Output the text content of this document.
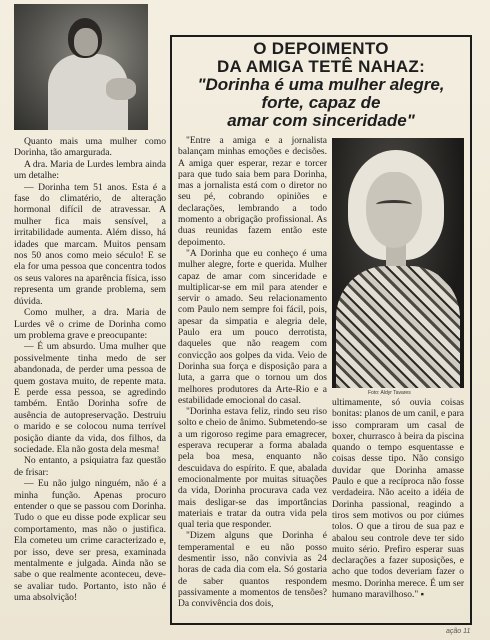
Quanto mais uma mulher como Dorinha, tão amargurada.

A dra. Maria de Lurdes lembra ainda um detalhe:

— Dorinha tem 51 anos. Esta é a fase do climatério, de alteração hormonal difícil de atravessar. A mulher fica mais sensível, a irritabilidade aumenta. Além disso, há idades que marcam. Muitos pensam nos 50 anos como meio século! E se ela for uma pessoa que concentra todos os seus valores na aparência física, isso representa um grande problema, sem dúvida.

Como mulher, a dra. Maria de Lurdes vê o crime de Dorinha como um problema grave e preocupante:

— É um absurdo. Uma mulher que possivelmente tinha medo de ser abandonada, de perder uma pessoa de quem gostava muito, de repente mata. E perde essa pessoa, se agredindo também. Então Dorinha sofre de ausência de autopreservação. Destruiu o marido e se colocou numa terrível posição diante da vida, dos filhos, da sociedade. Ela não gosta dela mesma!

No entanto, a psiquiatra faz questão de frisar:

— Eu não julgo ninguém, não é a minha função. Apenas procuro entender o que se passou com Dorinha. Tudo o que eu disse pode explicar seu comportamento, mas não o justifica. Ela cometeu um crime caracterizado e, por isso, deve ser presa, examinada mentalmente e julgada. Ainda não se sabe o que realmente aconteceu, deve-se avaliar tudo. Portanto, isto não é uma absolvição!

O DEPOIMENTO
DA AMIGA TETÊ NAHAZ:
"Dorinha é uma mulher alegre,
forte, capaz de
amar com sinceridade"

"Entre a amiga e a jornalista balançam minhas emoções e decisões. A amiga quer esperar, rezar e torcer para que tudo saia bem para Dorinha, mas a jornalista está com o diretor no seu pé, cobrando opiniões e declarações, lembrando a todo momento a obrigação profissional. As duas reunidas fazem então este depoimento.

"A Dorinha que eu conheço é uma mulher alegre, forte e querida. Mulher capaz de amar com sinceridade e multiplicar-se em mil para atender e servir o amado. Seu relacionamento com Paulo nem sempre foi fácil, pois, apesar da simpatia e alegria dele, Paulo era um pouco derrotista, daqueles que não reagem com convicção aos golpes da vida. Veio de Dorinha sua força e disposição para a luta, a garra que o tornou um dos melhores produtores da Arte-Rio e a estabilidade emocional do casal.

"Dorinha estava feliz, rindo seu riso solto e cheio de ânimo. Submetendo-se a um rigoroso regime para emagrecer, esperava recuperar a forma abalada pela boa mesa, enquanto não descuidava do espírito. E que, abalada emocionalmente por muitas situações da vida, Dorinha procurava cada vez mais desligar-se das importâncias materiais e tratar da outra vida pela qual teria que responder.

"Dizem alguns que Dorinha é temperamental e eu não posso desmentir isso, não convivia as 24 horas de cada dia com ela. Só gostaria de saber quantos respondem passivamente a momentos de tensões? Da convivência dos dois,

Foto: Aldyr Tavares

ultimamente, só ouvia coisas bonitas: planos de um canil, e para isso compraram um casal de boxer, churrasco à beira da piscina quando o tempo esquentasse e coisas desse tipo. Não consigo duvidar que Dorinha amasse Paulo e que a recíproca não fosse verdadeira. Não aceito a idéia de Dorinha passional, reagindo a tiros sem motivos ou por ciúmes tolos. O que a tirou de sua paz e abalou seu controle deve ter sido muito sério. Prefiro esperar suas declarações a fazer suposições, e acho que todos deveriam fazer o mesmo. Dorinha merece. É um ser humano maravilhoso." ▪

ação 11
